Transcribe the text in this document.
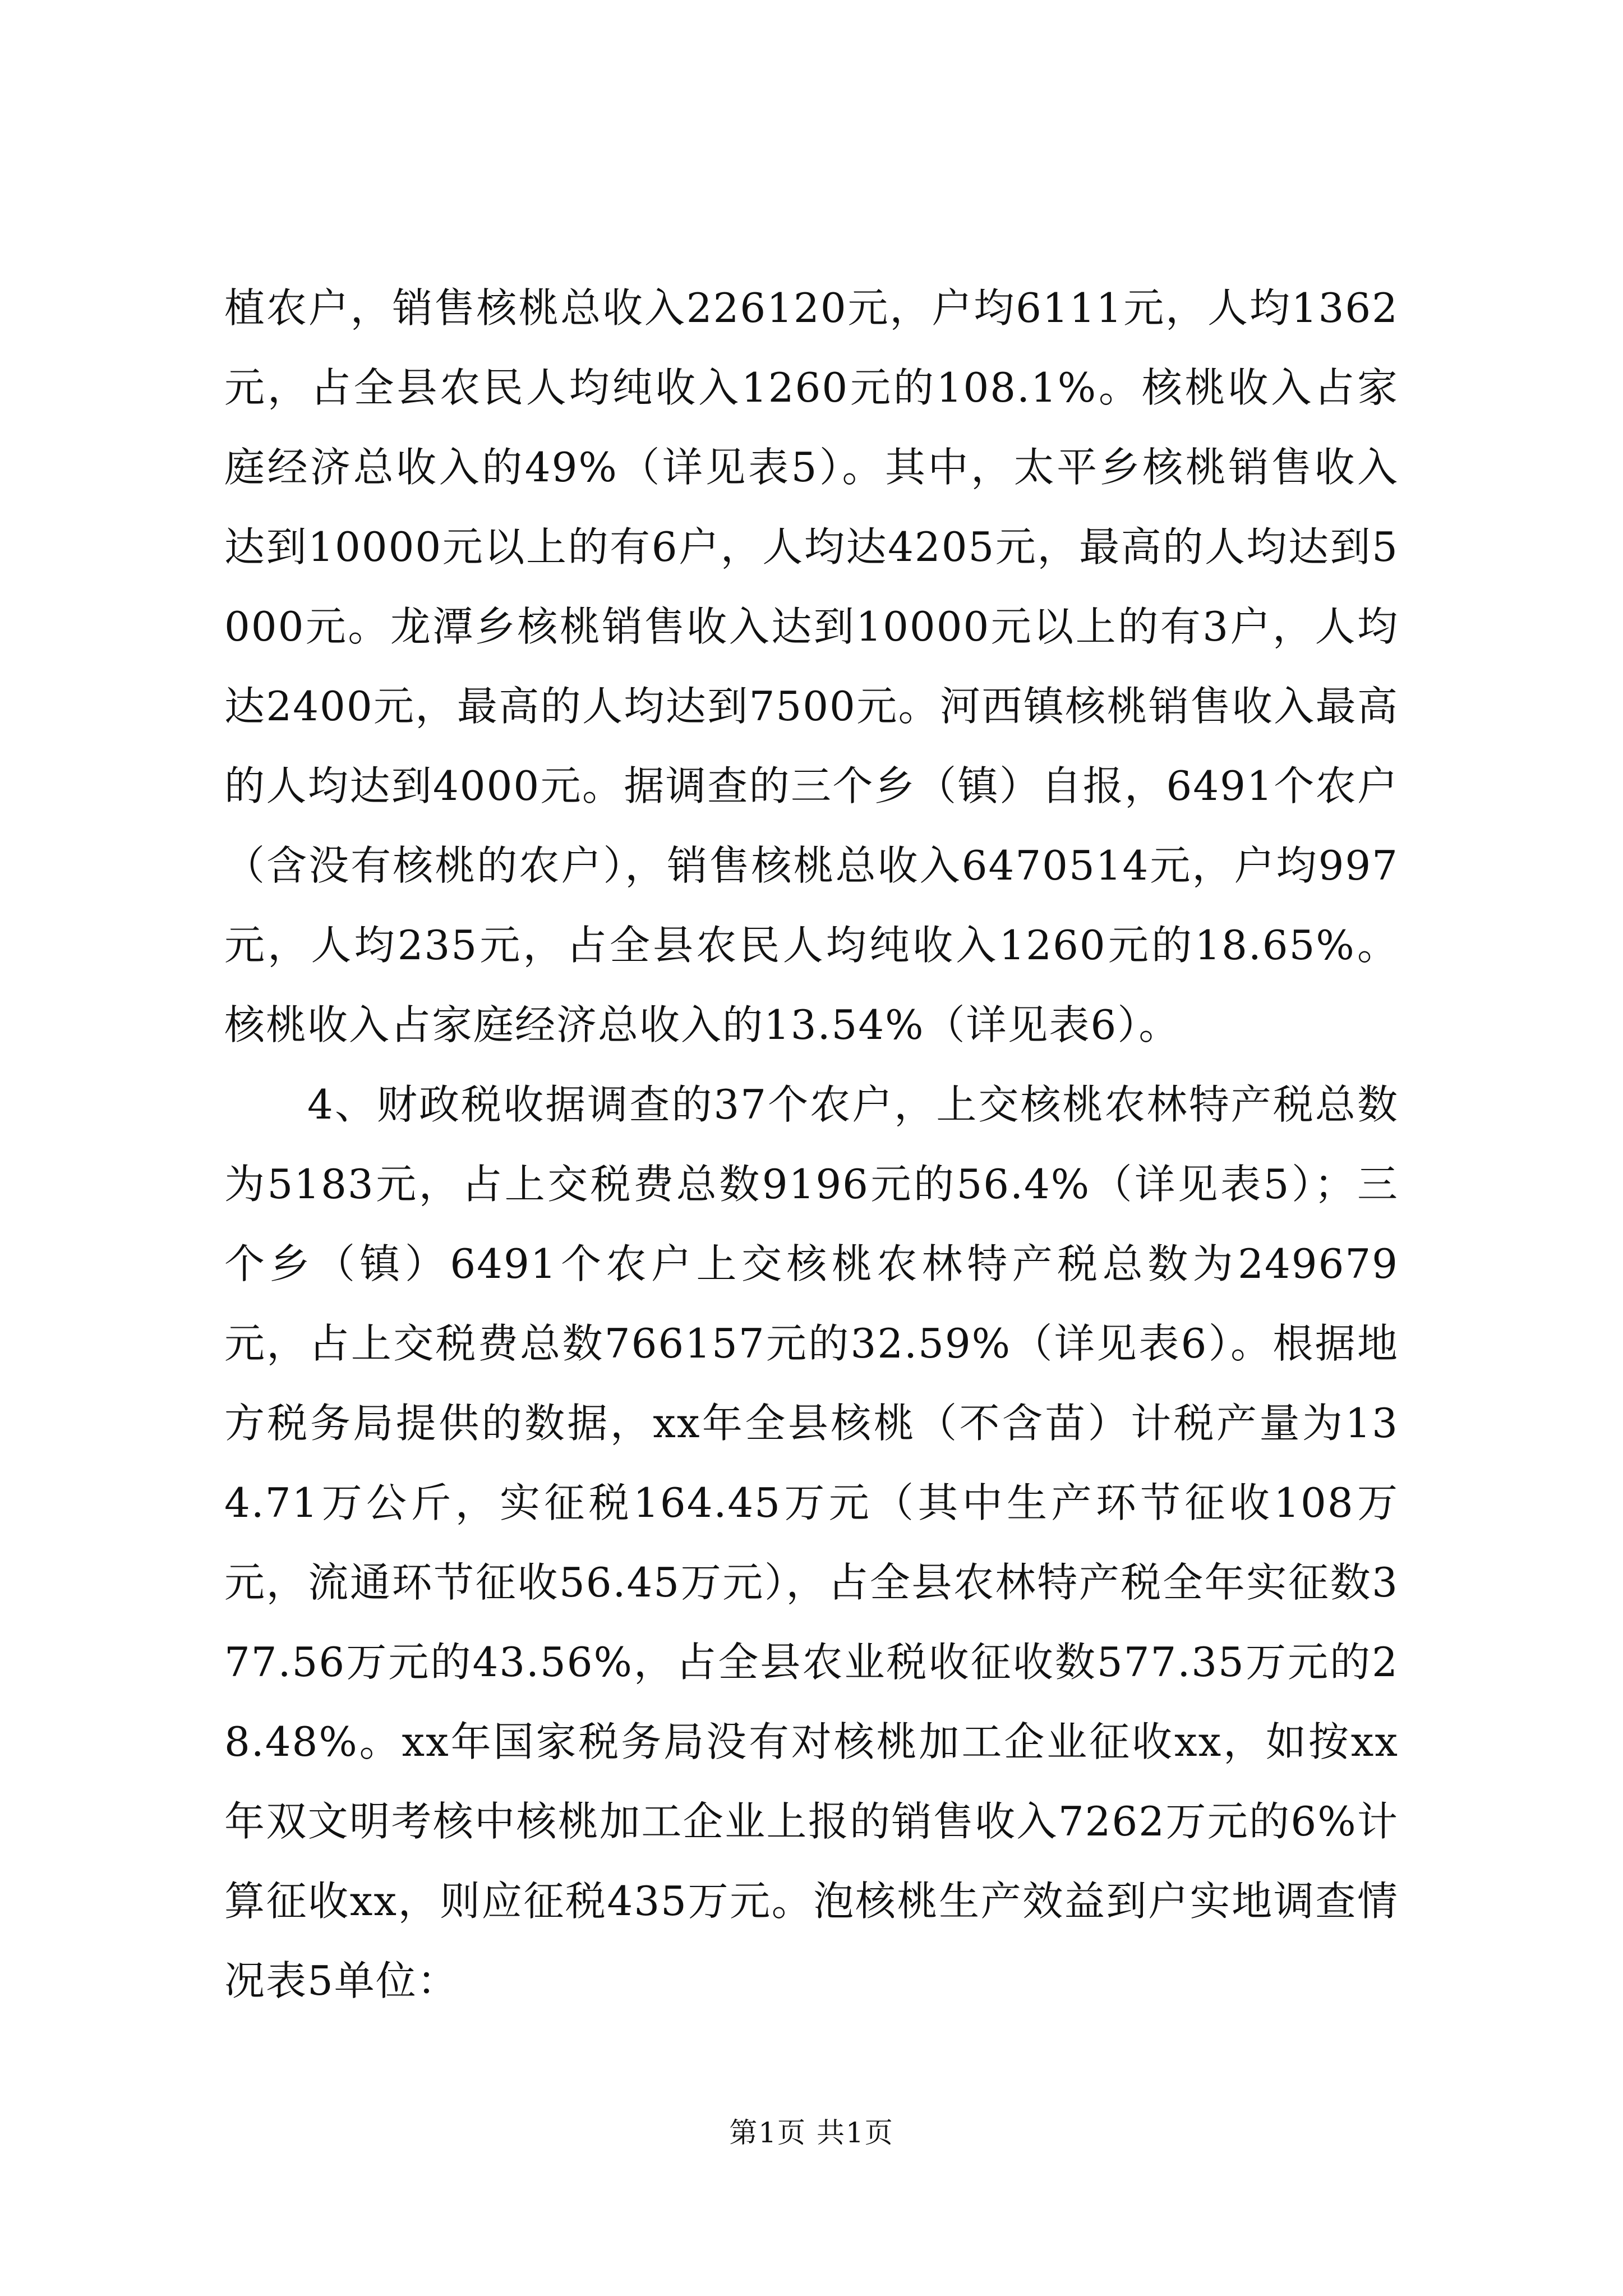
植农户，销售核桃总收入226120元，户均6111元，人均1362元，占全县农民人均纯收入1260元的108.1%。核桃收入占家庭经济总收入的49%（详见表5）。其中，太平乡核桃销售收入达到10000元以上的有6户，人均达4205元，最高的人均达到5000元。龙潭乡核桃销售收入达到10000元以上的有3户，人均达2400元，最高的人均达到7500元。河西镇核桃销售收入最高的人均达到4000元。据调查的三个乡（镇）自报，6491个农户（含没有核桃的农户），销售核桃总收入6470514元，户均997元，人均235元，占全县农民人均纯收入1260元的18.65%。核桃收入占家庭经济总收入的13.54%（详见表6）。

4、财政税收据调查的37个农户，上交核桃农林特产税总数为5183元，占上交税费总数9196元的56.4%（详见表5）；三个乡（镇）6491个农户上交核桃农林特产税总数为249679元，占上交税费总数766157元的32.59%（详见表6）。根据地方税务局提供的数据，xx年全县核桃（不含苗）计税产量为134.71万公斤，实征税164.45万元（其中生产环节征收108万元，流通环节征收56.45万元），占全县农林特产税全年实征数377.56万元的43.56%，占全县农业税收征收数577.35万元的28.48%。xx年国家税务局没有对核桃加工企业征收xx，如按xx年双文明考核中核桃加工企业上报的销售收入7262万元的6%计算征收xx，则应征税435万元。泡核桃生产效益到户实地调查情况表5单位：

第1页 共1页
